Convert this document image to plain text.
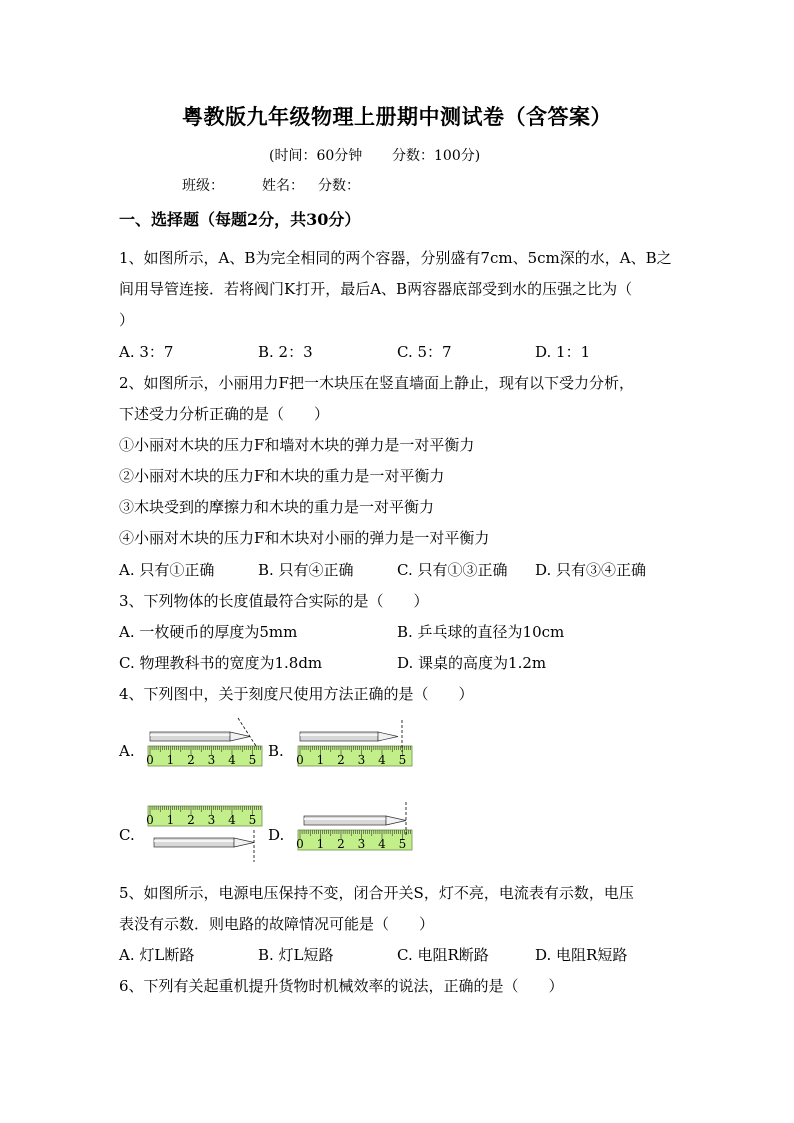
粤教版九年级物理上册期中测试卷（含答案）
(时间：60分钟 分数：100分)
班级：	姓名： 分数：
一、选择题（每题2分，共30分）
1、如图所示，A、B为完全相同的两个容器，分别盛有7cm、5cm深的水，A、B之
间用导管连接．若将阀门K打开，最后A、B两容器底部受到水的压强之比为（
）
A. 3：7	B. 2：3	C. 5：7	D. 1：1
2、如图所示，小丽用力F把一木块压在竖直墙面上静止，现有以下受力分析，
下述受力分析正确的是（　　）
①小丽对木块的压力F和墙对木块的弹力是一对平衡力
②小丽对木块的压力F和木块的重力是一对平衡力
③木块受到的摩擦力和木块的重力是一对平衡力
④小丽对木块的压力F和木块对小丽的弹力是一对平衡力
A. 只有①正确	B. 只有④正确	C. 只有①③正确 D. 只有③④正确
3、下列物体的长度值最符合实际的是（　　）
A. 一枚硬币的厚度为5mm	B. 乒乓球的直径为10cm
C. 物理教科书的宽度为1.8dm	D. 课桌的高度为1.2m
4、下列图中，关于刻度尺使用方法正确的是（　　）
A.	B.
C.	D.
0 1 2 3 4 5	0 1 2 3 4 5
0 1 2 3 4 5
0 1 2 3 4 5
5、如图所示，电源电压保持不变，闭合开关S，灯不亮，电流表有示数，电压
表没有示数．则电路的故障情况可能是（　　）
A. 灯L断路	B. 灯L短路	C. 电阻R断路	D. 电阻R短路
6、下列有关起重机提升货物时机械效率的说法，正确的是（　　）
